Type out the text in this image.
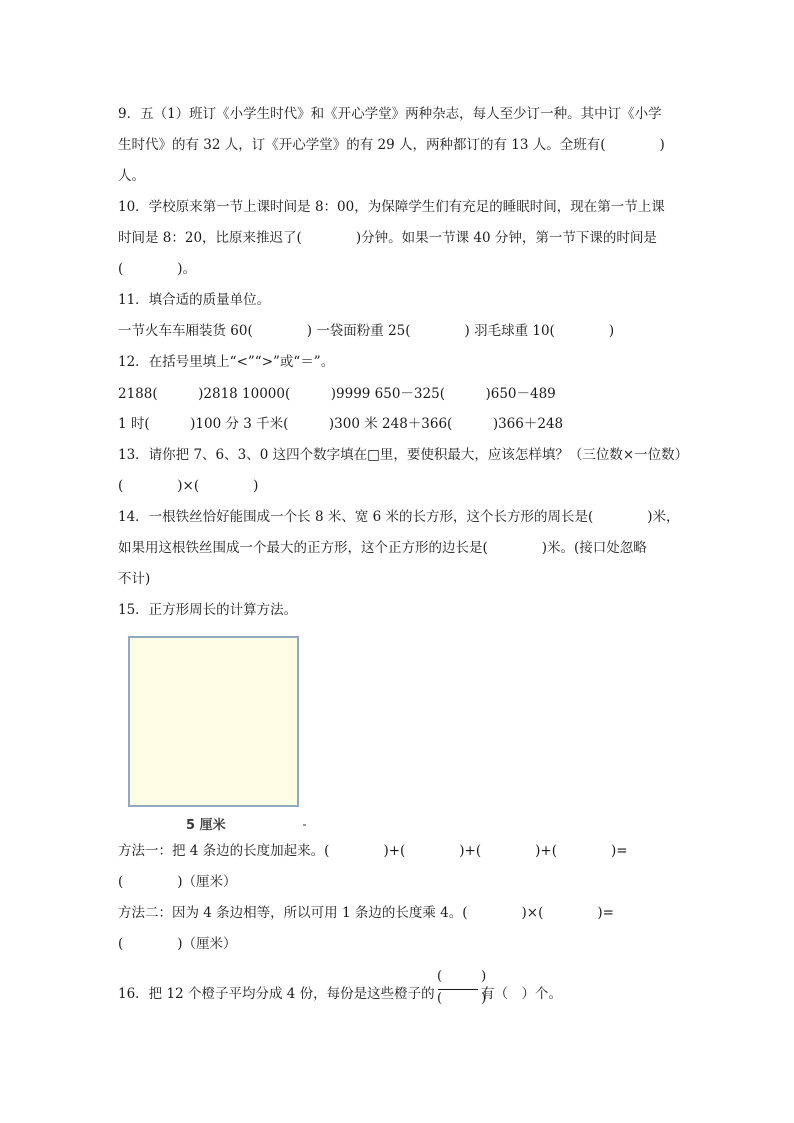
9．五（1）班订《小学生时代》和《开心学堂》两种杂志，每人至少订一种。其中订《小学
生时代》的有 32 人，订《开心学堂》的有 29 人，两种都订的有 13 人。全班有(　　　　)
人。
10．学校原来第一节上课时间是 8：00，为保障学生们有充足的睡眠时间，现在第一节上课
时间是 8：20，比原来推迟了(　　　　)分钟。如果一节课 40 分钟，第一节下课的时间是
(　　　　)。
11．填合适的质量单位。
一节火车车厢装货 60(　　　　) 一袋面粉重 25(　　　　) 羽毛球重 10(　　　　)
12．在括号里填上“<”“>”或“＝”。
2188(　　　)2818 10000(　　　)9999 650－325(　　　)650－489
1 时(　　　)100 分 3 千米(　　　)300 米 248＋366(　　　)366＋248
13．请你把 7、6、3、0 这四个数字填在□里，要使积最大，应该怎样填？（三位数×一位数）
(　　　　)×(　　　　)
14．一根铁丝恰好能围成一个长 8 米、宽 6 米的长方形，这个长方形的周长是(　　　　)米，
如果用这根铁丝围成一个最大的正方形，这个正方形的边长是(　　　　)米。(接口处忽略
不计)
15．正方形周长的计算方法。
5 厘米
方法一：把 4 条边的长度加起来。(　　　　)+(　　　　)+(　　　　)+(　　　　)=
(　　　　)（厘米）
方法二：因为 4 条边相等，所以可用 1 条边的长度乘 4。(　　　　)×(　　　　)=
(　　　　)（厘米）
16．把 12 个橙子平均分成 4 份，每份是这些橙子的
(　　　)
(　　　)
有（　）个。
